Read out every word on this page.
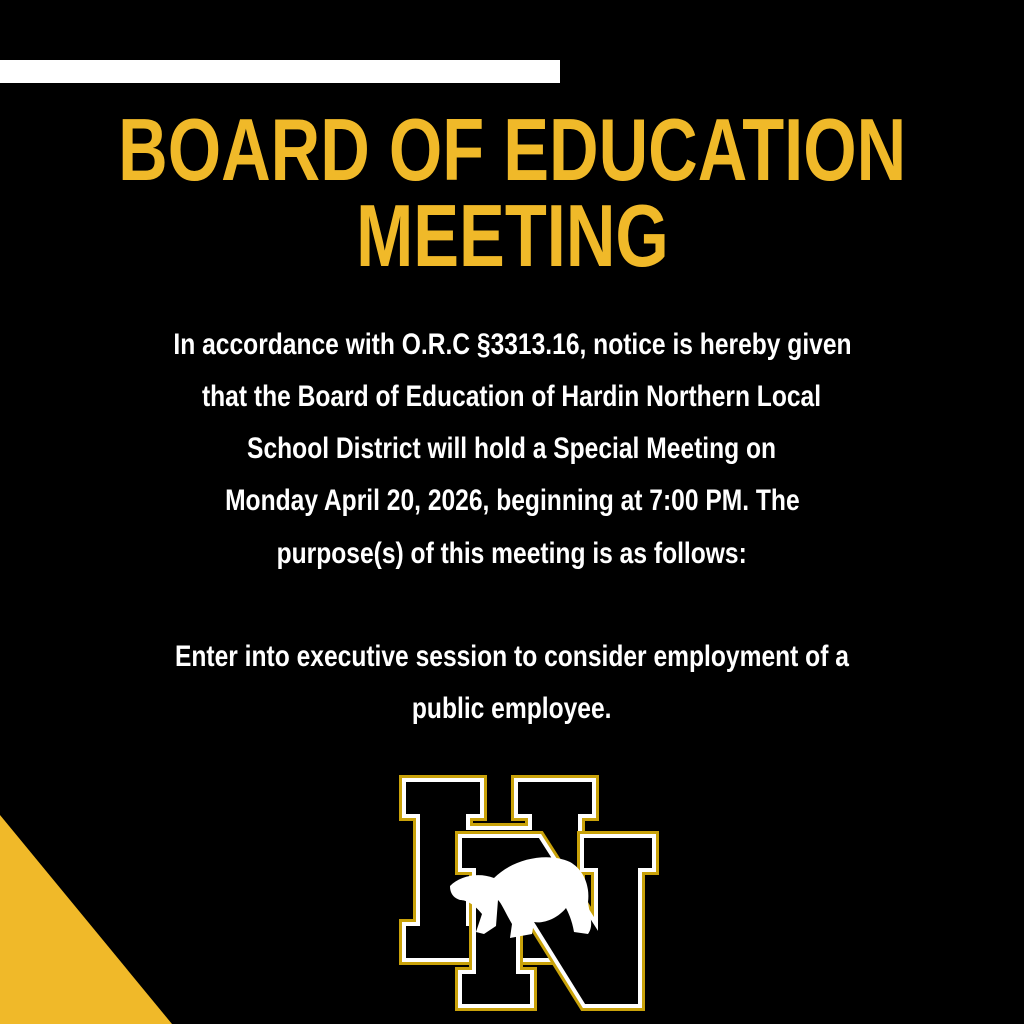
BOARD OF EDUCATION
MEETING
In accordance with O.R.C §3313.16, notice is hereby given
that the Board of Education of Hardin Northern Local
School District will hold a Special Meeting on
Monday April 20, 2026, beginning at 7:00 PM. The
purpose(s) of this meeting is as follows:
Enter into executive session to consider employment of a
public employee.
